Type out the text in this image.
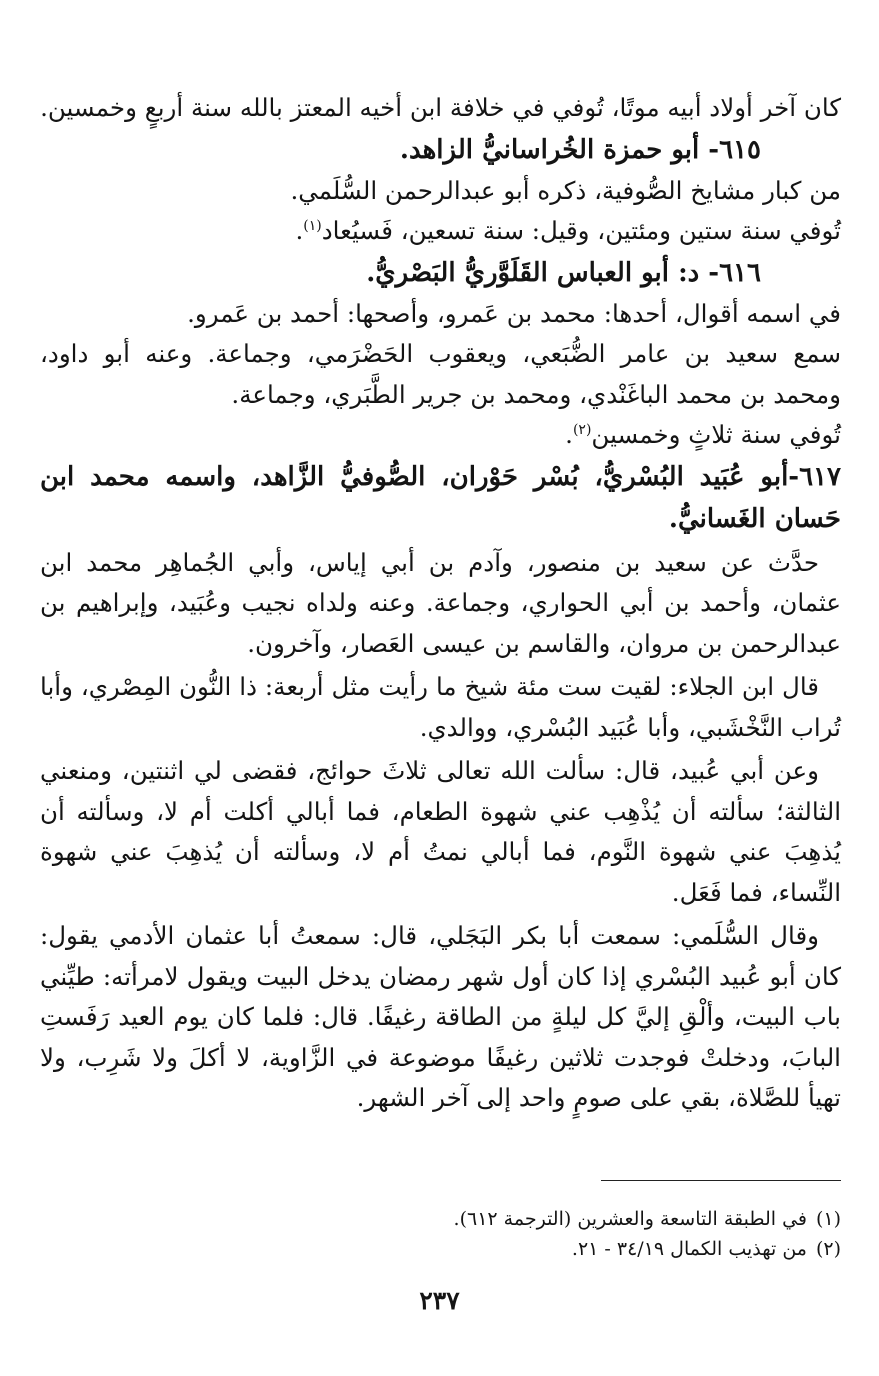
كان آخر أولاد أبيه موتًا، تُوفي في خلافة ابن أخيه المعتز بالله سنة أربعٍ وخمسين.

٦١٥- أبو حمزة الخُراسانيُّ الزاهد.

من كبار مشايخ الصُّوفية، ذكره أبو عبدالرحمن السُّلَمي.

تُوفي سنة ستين ومئتين، وقيل: سنة تسعين، فَسيُعاد$^{(١)}$.

٦١٦- د: أبو العباس القَلَوَّريُّ البَصْريُّ.

في اسمه أقوال، أحدها: محمد بن عَمرو، وأصحها: أحمد بن عَمرو.

سمع سعيد بن عامر الضُّبَعي، ويعقوب الحَضْرَمي، وجماعة. وعنه أبو داود، ومحمد بن محمد الباغَنْدي، ومحمد بن جرير الطَّبَري، وجماعة.

تُوفي سنة ثلاثٍ وخمسين$^{(٢)}$.

٦١٧-أبو عُبَيد البُسْريُّ، بُسْر حَوْران، الصُّوفيُّ الزَّاهد، واسمه محمد ابن حَسان الغَسانيُّ.

حدَّث عن سعيد بن منصور، وآدم بن أبي إياس، وأبي الجُماهِر محمد ابن عثمان، وأحمد بن أبي الحواري، وجماعة. وعنه ولداه نجيب وعُبَيد، وإبراهيم بن عبدالرحمن بن مروان، والقاسم بن عيسى العَصار، وآخرون.

قال ابن الجلاء: لقيت ست مئة شيخ ما رأيت مثل أربعة: ذا النُّون المِصْري، وأبا تُراب النَّخْشَبي، وأبا عُبَيد البُسْري، ووالدي.

وعن أبي عُبيد، قال: سألت الله تعالى ثلاثَ حوائج، فقضى لي اثنتين، ومنعني الثالثة؛ سألته أن يُذْهِب عني شهوة الطعام، فما أبالي أكلت أم لا، وسألته أن يُذهِبَ عني شهوة النَّوم، فما أبالي نمتُ أم لا، وسألته أن يُذهِبَ عني شهوة النِّساء، فما فَعَل.

وقال السُّلَمي: سمعت أبا بكر البَجَلي، قال: سمعتُ أبا عثمان الأدمي يقول: كان أبو عُبيد البُسْري إذا كان أول شهر رمضان يدخل البيت ويقول لامرأته: طيِّني باب البيت، وألْقِ إليَّ كل ليلةٍ من الطاقة رغيفًا. قال: فلما كان يوم العيد رَفَستِ البابَ، ودخلتْ فوجدت ثلاثين رغيفًا موضوعة في الزَّاوية، لا أكلَ ولا شَرِب، ولا تهيأ للصَّلاة، بقي على صومٍ واحد إلى آخر الشهر.

(١)في الطبقة التاسعة والعشرين (الترجمة ٦١٢).

(٢)من تهذيب الكمال ٣٤/١٩ - ٢١.

٢٣٧
